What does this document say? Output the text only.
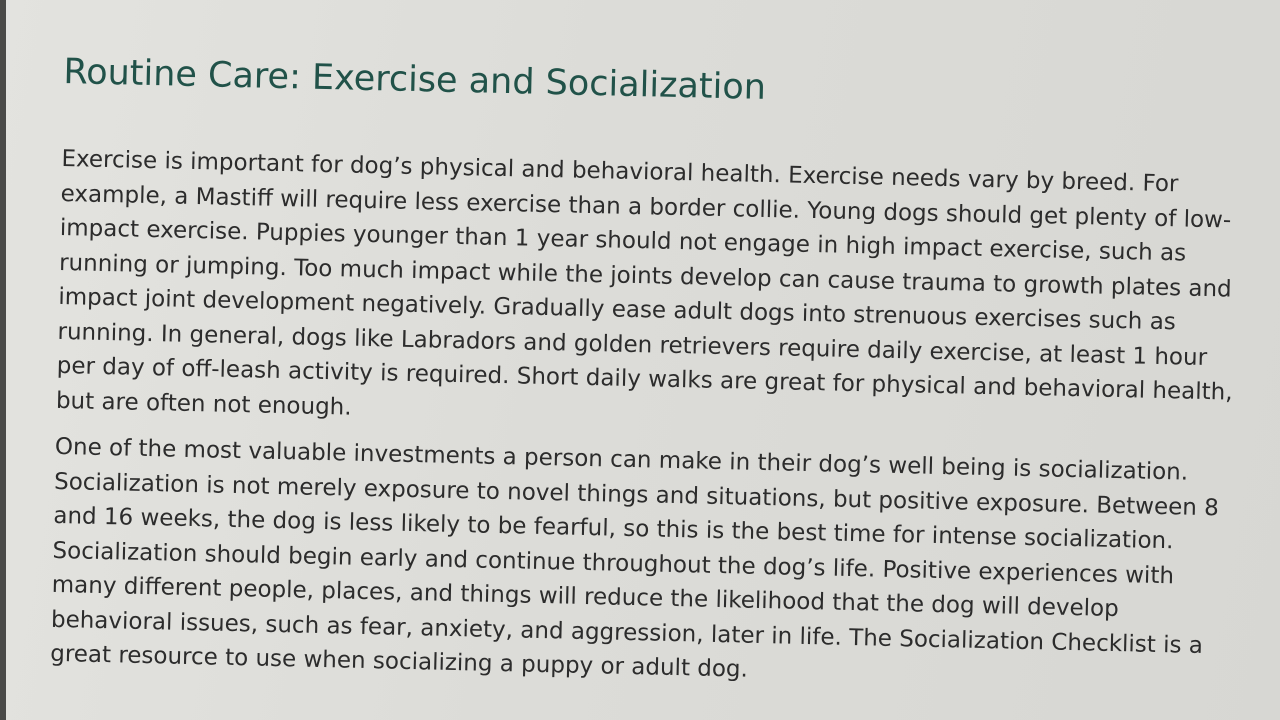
Routine Care: Exercise and Socialization

Exercise is important for dog’s physical and behavioral health. Exercise needs vary by breed. For example, a Mastiff will require less exercise than a border collie. Young dogs should get plenty of low-impact exercise. Puppies younger than 1 year should not engage in high impact exercise, such as running or jumping. Too much impact while the joints develop can cause trauma to growth plates and impact joint development negatively. Gradually ease adult dogs into strenuous exercises such as running. In general, dogs like Labradors and golden retrievers require daily exercise, at least 1 hour per day of off-leash activity is required. Short daily walks are great for physical and behavioral health, but are often not enough.

One of the most valuable investments a person can make in their dog’s well being is socialization. Socialization is not merely exposure to novel things and situations, but positive exposure. Between 8 and 16 weeks, the dog is less likely to be fearful, so this is the best time for intense socialization. Socialization should begin early and continue throughout the dog’s life. Positive experiences with many different people, places, and things will reduce the likelihood that the dog will develop behavioral issues, such as fear, anxiety, and aggression, later in life. The Socialization Checklist is a great resource to use when socializing a puppy or adult dog.
